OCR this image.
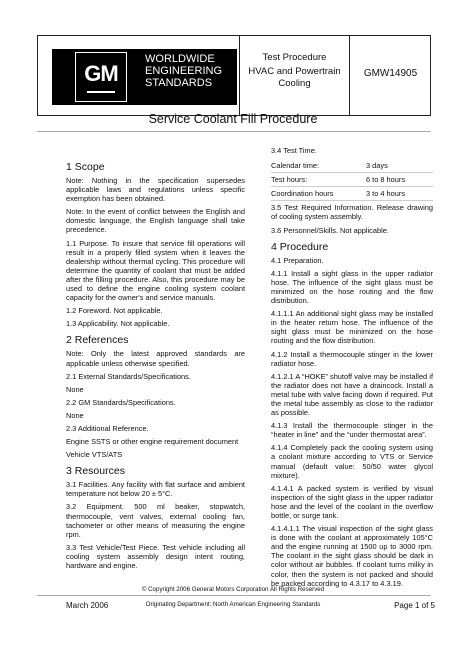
GM
WORLDWIDE
ENGINEERING
STANDARDS
Test Procedure
HVAC and Powertrain
Cooling
GMW14905
Service Coolant Fill Procedure
1 Scope

Note: Nothing in the specification supersedes applicable laws and regulations unless specific exemption has been obtained.

Note: In the event of conflict between the English and domestic language, the English language shall take precedence.

1.1 Purpose. To insure that service fill operations will result in a properly filled system when it leaves the dealership without thermal cycling. This procedure will determine the quantity of coolant that must be added after the filling procedure. Also, this procedure may be used to define the engine cooling system coolant capacity for the owner's and service manuals.

1.2 Foreword. Not applicable.

1.3 Applicability. Not applicable.

2 References

Note: Only the latest approved standards are applicable unless otherwise specified.

2.1 External Standards/Specifications.

None

2.2 GM Standards/Specifications.

None

2.3 Additional Reference.

Engine SSTS or other engine requirement document

Vehicle VTS/ATS

3 Resources

3.1 Facilities. Any facility with flat surface and ambient temperature not below 20 ± 5°C.

3.2 Equipment. 500 ml beaker, stopwatch, thermocouple, vent valves, external cooling fan, tachometer or other means of measuring the engine rpm.

3.3 Test Vehicle/Test Piece. Test vehicle including all cooling system assembly design intent routing, hardware and engine.

3.4 Test Time.

Calendar time:	3 days
Test hours:	6 to 8 hours
Coordination hours	3 to 4 hours

3.5 Test Required Information. Release drawing of cooling system assembly.

3.6 Personnel/Skills. Not applicable.

4 Procedure

4.1 Preparation.

4.1.1 Install a sight glass in the upper radiator hose. The influence of the sight glass must be minimized on the hose routing and the flow distribution.

4.1.1.1 An additional sight glass may be installed in the heater return hose. The influence of the sight glass must be minimized on the hose routing and the flow distribution.

4.1.2 Install a thermocouple stinger in the lower radiator hose.

4.1.2.1 A “HOKE” shutoff valve may be installed if the radiator does not have a draincock. Install a metal tube with valve facing down if required. Put the metal tube assembly as close to the radiator as possible.

4.1.3 Install the thermocouple stinger in the “heater in line” and the “under thermostat area”.

4.1.4 Completely pack the cooling system using a coolant mixture according to VTS or Service manual (default value: 50/50 water glycol mixture).

4.1.4.1 A packed system is verified by visual inspection of the sight glass in the upper radiator hose and the level of the coolant in the overflow bottle, or surge tank.

4.1.4.1.1 The visual inspection of the sight glass is done with the coolant at approximately 105°C and the engine running at 1500 up to 3000 rpm. The coolant in the sight glass should be dark in color without air bubbles. If coolant turns milky in color, then the system is not packed and should be packed according to 4.3.17 to 4.3.19.

© Copyright 2006 General Motors Corporation All Rights Reserved
March 2006	Originating Department: North American Engineering Standards	Page 1 of 5
